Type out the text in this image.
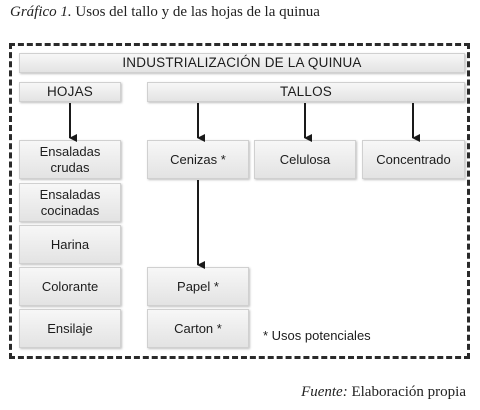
Gráfico 1. Usos del tallo y de las hojas de la quinua
INDUSTRIALIZACIÓN DE LA QUINUA
HOJAS	TALLOS
Ensaladas crudas
Ensaladas cocinadas
Harina
Colorante
Ensilaje
Cenizas *	Celulosa	Concentrado
Papel *
Carton *	* Usos potenciales
Fuente: Elaboración propia
